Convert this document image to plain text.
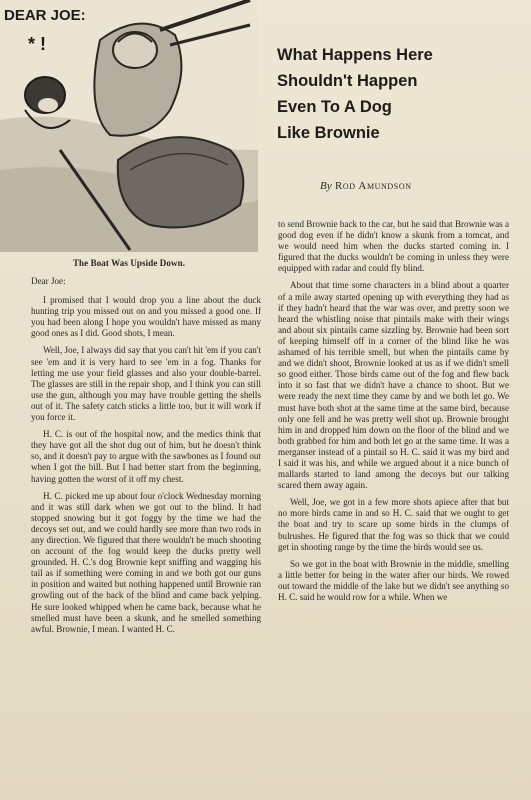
* !
DEAR JOE:
The Boat Was Upside Down.
What Happens Here
Shouldn't Happen
Even To A Dog
Like Brownie
By Rod Amundson

Dear Joe:

I promised that I would drop you a line about the duck hunting trip you missed out on and you missed a good one. If you had been along I hope you wouldn't have missed as many good ones as I did. Good shots, I mean.

Well, Joe, I always did say that you can't hit 'em if you can't see 'em and it is very hard to see 'em in a fog. Thanks for letting me use your field glasses and also your double-barrel. The glasses are still in the repair shop, and I think you can still use the gun, although you may have trouble getting the shells out of it. The safety catch sticks a little too, but it will work if you force it.

H. C. is out of the hospital now, and the medics think that they have got all the shot dug out of him, but he doesn't think so, and it doesn't pay to argue with the sawbones as I found out when I got the bill. But I had better start from the beginning, having gotten the worst of it off my chest.

H. C. picked me up about four o'clock Wednesday morning and it was still dark when we got out to the blind. It had stopped snowing but it got foggy by the time we had the decoys set out, and we could hardly see more than two rods in any direction. We figured that there wouldn't be much shooting on account of the fog would keep the ducks pretty well grounded. H. C.'s dog Brownie kept sniffing and wagging his tail as if something were coming in and we both got our guns in position and waited but nothing happened until Brownie ran growling out of the back of the blind and came back yelping. He sure looked whipped when he came back, because what he smelled must have been a skunk, and he smelled something awful. Brownie, I mean. I wanted H. C.

to send Brownie back to the car, but he said that Brownie was a good dog even if he didn't know a skunk from a tomcat, and we would need him when the ducks started coming in. I figured that the ducks wouldn't be coming in unless they were equipped with radar and could fly blind.

About that time some characters in a blind about a quarter of a mile away started opening up with everything they had as if they hadn't heard that the war was over, and pretty soon we heard the whistling noise that pintails make with their wings and about six pintails came sizzling by. Brownie had been sort of keeping himself off in a corner of the blind like he was ashamed of his terrible smell, but when the pintails came by and we didn't shoot, Brownie looked at us as if we didn't smell so good either. Those birds came out of the fog and flew back into it so fast that we didn't have a chance to shoot. But we were ready the next time they came by and we both let go. We must have both shot at the same time at the same bird, because only one fell and he was pretty well shot up. Brownie brought him in and dropped him down on the floor of the blind and we both grabbed for him and both let go at the same time. It was a merganser instead of a pintail so H. C. said it was my bird and I said it was his, and while we argued about it a nice bunch of mallards started to land among the decoys but our talking scared them away again.

Well, Joe, we got in a few more shots apiece after that but no more birds came in and so H. C. said that we ought to get the boat and try to scare up some birds in the clumps of bulrushes. He figured that the fog was so thick that we could get in shooting range by the time the birds would see us.

So we got in the boat with Brownie in the middle, smelling a little better for being in the water after our birds. We rowed out toward the middle of the lake but we didn't see anything so H. C. said he would row for a while. When we
